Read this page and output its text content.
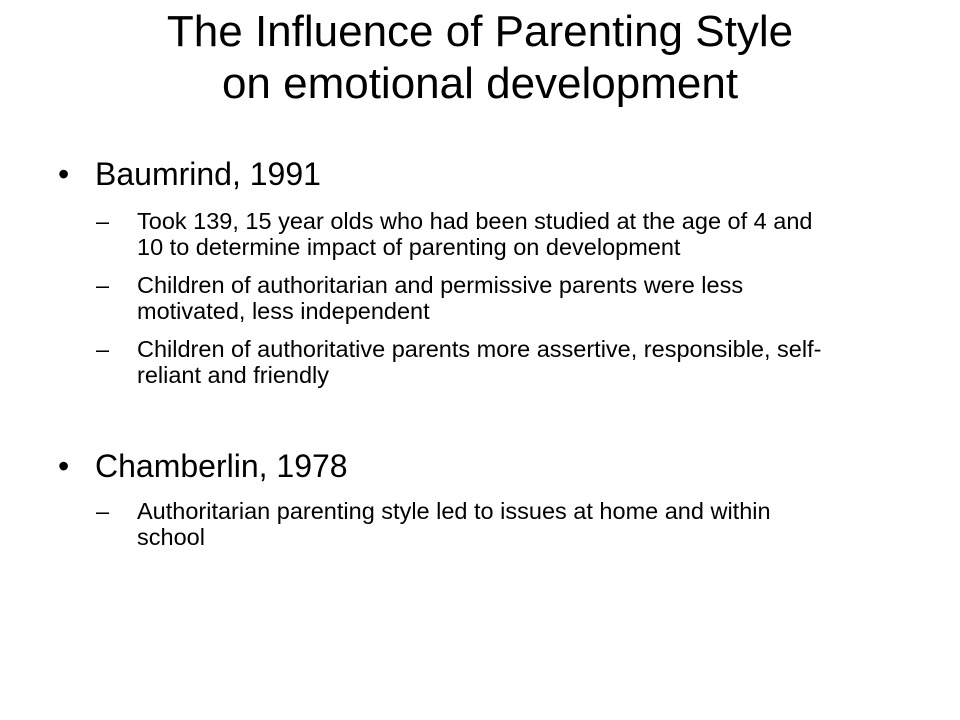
The Influence of Parenting Style
on emotional development
• Baumrind, 1991
– Took 139, 15 year olds who had been studied at the age of 4 and 10 to determine impact of parenting on development
– Children of authoritarian and permissive parents were less motivated, less independent
– Children of authoritative parents more assertive, responsible, self-reliant and friendly
• Chamberlin, 1978
– Authoritarian parenting style led to issues at home and within school
